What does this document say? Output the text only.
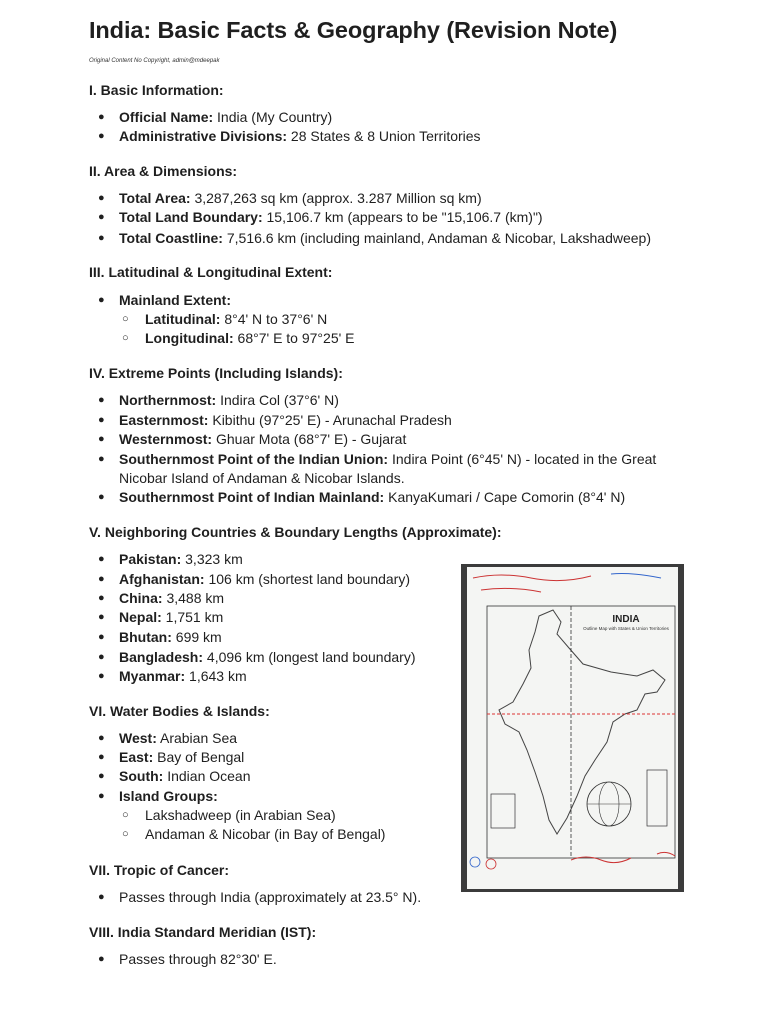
India: Basic Facts & Geography (Revision Note)
Original Content No Copyright, admin@mdeepak
I. Basic Information:
●	Official Name: India (My Country)
●	Administrative Divisions: 28 States & 8 Union Territories
II. Area & Dimensions:
●	Total Area: 3,287,263 sq km (approx. 3.287 Million sq km)
●	Total Land Boundary: 15,106.7 km (appears to be "15,106.7 (km)")
●	Total Coastline: 7,516.6 km (including mainland, Andaman & Nicobar, Lakshadweep)
III. Latitudinal & Longitudinal Extent:
●	Mainland Extent:
○	Latitudinal: 8°4' N to 37°6' N
○	Longitudinal: 68°7' E to 97°25' E
IV. Extreme Points (Including Islands):
●	Northernmost: Indira Col (37°6' N)
●	Easternmost: Kibithu (97°25' E) - Arunachal Pradesh
●	Westernmost: Ghuar Mota (68°7' E) - Gujarat
●	Southernmost Point of the Indian Union: Indira Point (6°45' N) - located in the Great Nicobar Island of Andaman & Nicobar Islands.
●	Southernmost Point of Indian Mainland: KanyaKumari / Cape Comorin (8°4' N)
V. Neighboring Countries & Boundary Lengths (Approximate):
●	Pakistan: 3,323 km
●	Afghanistan: 106 km (shortest land boundary)
●	China: 3,488 km
●	Nepal: 1,751 km
●	Bhutan: 699 km
●	Bangladesh: 4,096 km (longest land boundary)
●	Myanmar: 1,643 km
VI. Water Bodies & Islands:
●	West: Arabian Sea
●	East: Bay of Bengal
●	South: Indian Ocean
●	Island Groups:
○	Lakshadweep (in Arabian Sea)
○	Andaman & Nicobar (in Bay of Bengal)
VII. Tropic of Cancer:
●	Passes through India (approximately at 23.5° N).
VIII. India Standard Meridian (IST):
●	Passes through 82°30' E.
INDIA
Outline Map with States & Union Territories
